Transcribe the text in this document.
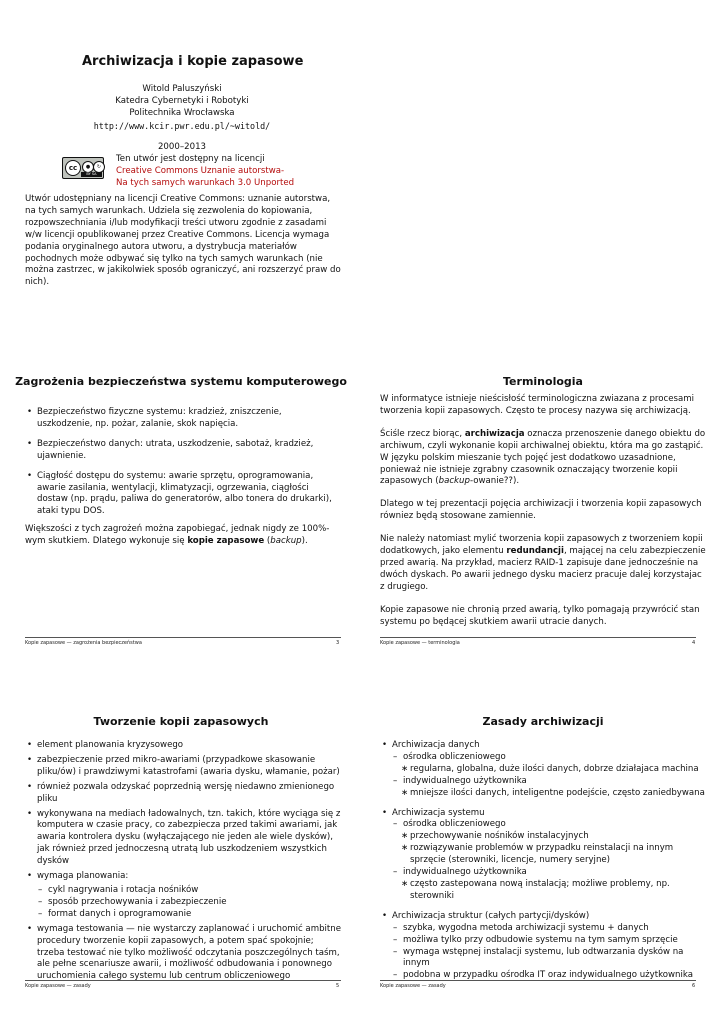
Archiwizacja i kopie zapasowe
Witold Paluszyński
Katedra Cybernetyki i Robotyki
Politechnika Wrocławska
http://www.kcir.pwr.edu.pl/~witold/
2000–2013
cc	●	↻
BY SA
Ten utwór jest dostępny na licencji
Creative Commons Uznanie autorstwa-
Na tych samych warunkach 3.0 Unported
Utwór udostępniany na licencji Creative Commons: uznanie autorstwa, na tych samych warunkach. Udziela się zezwolenia do kopiowania, rozpowszechniania i/lub modyfikacji treści utworu zgodnie z zasadami w/w licencji opublikowanej przez Creative Commons. Licencja wymaga podania oryginalnego autora utworu, a dystrybucja materiałów pochodnych może odbywać się tylko na tych samych warunkach (nie można zastrzec, w jakikolwiek sposób ograniczyć, ani rozszerzyć praw do nich).
Zagrożenia bezpieczeństwa systemu komputerowego
• Bezpieczeństwo fizyczne systemu: kradzież, zniszczenie, uszkodzenie, np. pożar, zalanie, skok napięcia.
• Bezpieczeństwo danych: utrata, uszkodzenie, sabotaż, kradzież, ujawnienie.
• Ciągłość dostępu do systemu: awarie sprzętu, oprogramowania, awarie zasilania, wentylacji, klimatyzacji, ogrzewania, ciągłości dostaw (np. prądu, paliwa do generatorów, albo tonera do drukarki), ataki typu DOS.
Większości z tych zagrożeń można zapobiegać, jednak nigdy ze 100%-wym skutkiem. Dlatego wykonuje się kopie zapasowe (backup).
Kopie zapasowe — zagrożenia bezpieczeństwa	3
Terminologia

W informatyce istnieje nieścisłość terminologiczna zwiazana z procesami tworzenia kopii zapasowych. Często te procesy nazywa się archiwizacją.

Ściśle rzecz biorąc, archiwizacja oznacza przenoszenie danego obiektu do archiwum, czyli wykonanie kopii archiwalnej obiektu, która ma go zastąpić. W języku polskim mieszanie tych pojęć jest dodatkowo uzasadnione, ponieważ nie istnieje zgrabny czasownik oznaczający tworzenie kopii zapasowych (backup-owanie??).

Dlatego w tej prezentacji pojęcia archiwizacji i tworzenia kopii zapasowych równiez będą stosowane zamiennie.

Nie należy natomiast mylić tworzenia kopii zapasowych z tworzeniem kopii dodatkowych, jako elementu redundancji, mającej na celu zabezpieczenie przed awarią. Na przykład, macierz RAID-1 zapisuje dane jednocześnie na dwóch dyskach. Po awarii jednego dysku macierz pracuje dalej korzystajac z drugiego.

Kopie zapasowe nie chronią przed awarią, tylko pomagają przywrócić stan systemu po będącej skutkiem awarii utracie danych.

Kopie zapasowe — terminologia	4
Tworzenie kopii zapasowych
• element planowania kryzysowego
• zabezpieczenie przed mikro-awariami (przypadkowe skasowanie pliku/ów) i prawdziwymi katastrofami (awaria dysku, włamanie, pożar)
• również pozwala odzyskać poprzednią wersję niedawno zmienionego pliku
• wykonywana na mediach ładowalnych, tzn. takich, które wyciąga się z komputera w czasie pracy, co zabezpiecza przed takimi awariami, jak awaria kontrolera dysku (wyłączającego nie jeden ale wiele dysków), jak również przed jednoczesną utratą lub uszkodzeniem wszystkich dysków
• wymaga planowania:
– cykl nagrywania i rotacja nośników
– sposób przechowywania i zabezpieczenie
– format danych i oprogramowanie
• wymaga testowania — nie wystarczy zaplanować i uruchomić ambitne procedury tworzenie kopii zapasowych, a potem spać spokojnie; trzeba testować nie tylko możliwość odczytania poszczególnych taśm, ale pełne scenariusze awarii, i możliwość odbudowania i ponownego uruchomienia całego systemu lub centrum obliczeniowego
Kopie zapasowe — zasady	5
Zasady archiwizacji
• Archiwizacja danych
– ośrodka obliczeniowego
∗ regularna, globalna, duże ilości danych, dobrze działajaca machina
– indywidualnego użytkownika
∗ mniejsze ilości danych, inteligentne podejście, często zaniedbywana
• Archiwizacja systemu
– ośrodka obliczeniowego
∗ przechowywanie nośników instalacyjnych
∗ rozwiązywanie problemów w przypadku reinstalacji na innym sprzęcie (sterowniki, licencje, numery seryjne)
– indywidualnego użytkownika
∗ często zastepowana nową instalacją; możliwe problemy, np. sterowniki
• Archiwizacja struktur (całych partycji/dysków)
– szybka, wygodna metoda archiwizacji systemu + danych
– możliwa tylko przy odbudowie systemu na tym samym sprzęcie
– wymaga wstępnej instalacji systemu, lub odtwarzania dysków na innym
– podobna w przypadku ośrodka IT oraz indywidualnego użytkownika
Kopie zapasowe — zasady	6
